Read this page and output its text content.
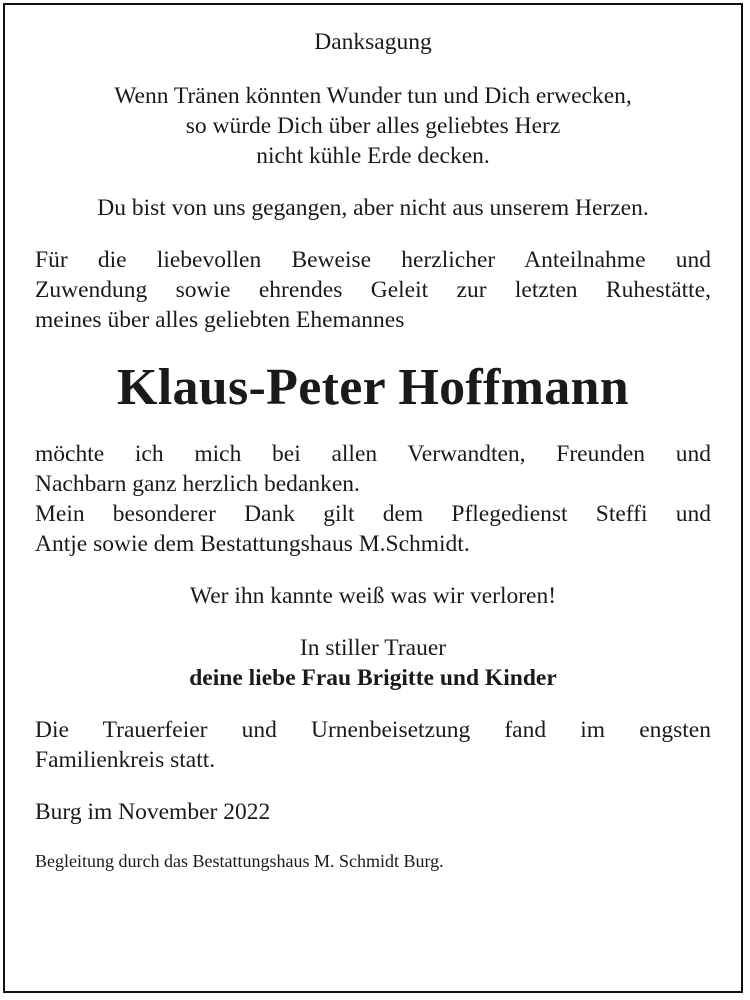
Danksagung
Wenn Tränen könnten Wunder tun und Dich erwecken,
so würde Dich über alles geliebtes Herz
nicht kühle Erde decken.
Du bist von uns gegangen, aber nicht aus unserem Herzen.
Für die liebevollen Beweise herzlicher Anteilnahme und
Zuwendung sowie ehrendes Geleit zur letzten Ruhestätte,
meines über alles geliebten Ehemannes
Klaus-Peter Hoffmann
möchte ich mich bei allen Verwandten, Freunden und
Nachbarn ganz herzlich bedanken.
Mein besonderer Dank gilt dem Pflegedienst Steffi und
Antje sowie dem Bestattungshaus M.Schmidt.
Wer ihn kannte weiß was wir verloren!
In stiller Trauer
deine liebe Frau Brigitte und Kinder
Die Trauerfeier und Urnenbeisetzung fand im engsten
Familienkreis statt.
Burg im November 2022
Begleitung durch das Bestattungshaus M. Schmidt Burg.
